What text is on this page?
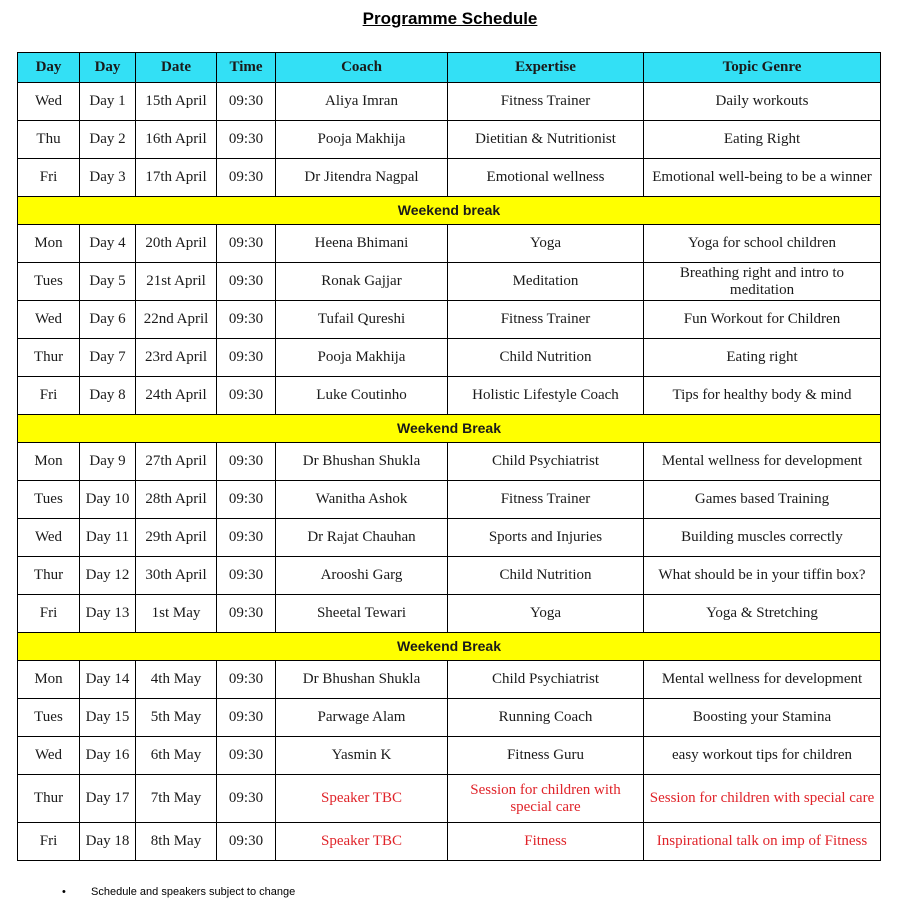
Programme Schedule
Day	Day	Date	Time	Coach	Expertise	Topic Genre
Wed	Day 1	15th April	09:30	Aliya Imran	Fitness Trainer	Daily workouts
Thu	Day 2	16th April	09:30	Pooja Makhija	Dietitian & Nutritionist	Eating Right
Fri	Day 3	17th April	09:30	Dr Jitendra Nagpal	Emotional wellness	Emotional well-being to be a winner
Weekend break						
Mon	Day 4	20th April	09:30	Heena Bhimani	Yoga	Yoga for school children
Tues	Day 5	21st April	09:30	Ronak Gajjar	Meditation	Breathing right and intro to meditation
Wed	Day 6	22nd April	09:30	Tufail Qureshi	Fitness Trainer	Fun Workout for Children
Thur	Day 7	23rd April	09:30	Pooja Makhija	Child Nutrition	Eating right
Fri	Day 8	24th April	09:30	Luke Coutinho	Holistic Lifestyle Coach	Tips for healthy body & mind
Weekend Break						
Mon	Day 9	27th April	09:30	Dr Bhushan Shukla	Child Psychiatrist	Mental wellness for development
Tues	Day 10	28th April	09:30	Wanitha Ashok	Fitness Trainer	Games based Training
Wed	Day 11	29th April	09:30	Dr Rajat Chauhan	Sports and Injuries	Building muscles correctly
Thur	Day 12	30th April	09:30	Arooshi Garg	Child Nutrition	What should be in your tiffin box?
Fri	Day 13	1st May	09:30	Sheetal Tewari	Yoga	Yoga & Stretching
Weekend Break						
Mon	Day 14	4th May	09:30	Dr Bhushan Shukla	Child Psychiatrist	Mental wellness for development
Tues	Day 15	5th May	09:30	Parwage Alam	Running Coach	Boosting your Stamina
Wed	Day 16	6th May	09:30	Yasmin K	Fitness Guru	easy workout tips for children
Thur	Day 17	7th May	09:30	Speaker TBC	Session for children with special care	Session for children with special care
Fri	Day 18	8th May	09:30	Speaker TBC	Fitness	Inspirational talk on imp of Fitness
• Schedule and speakers subject to change
